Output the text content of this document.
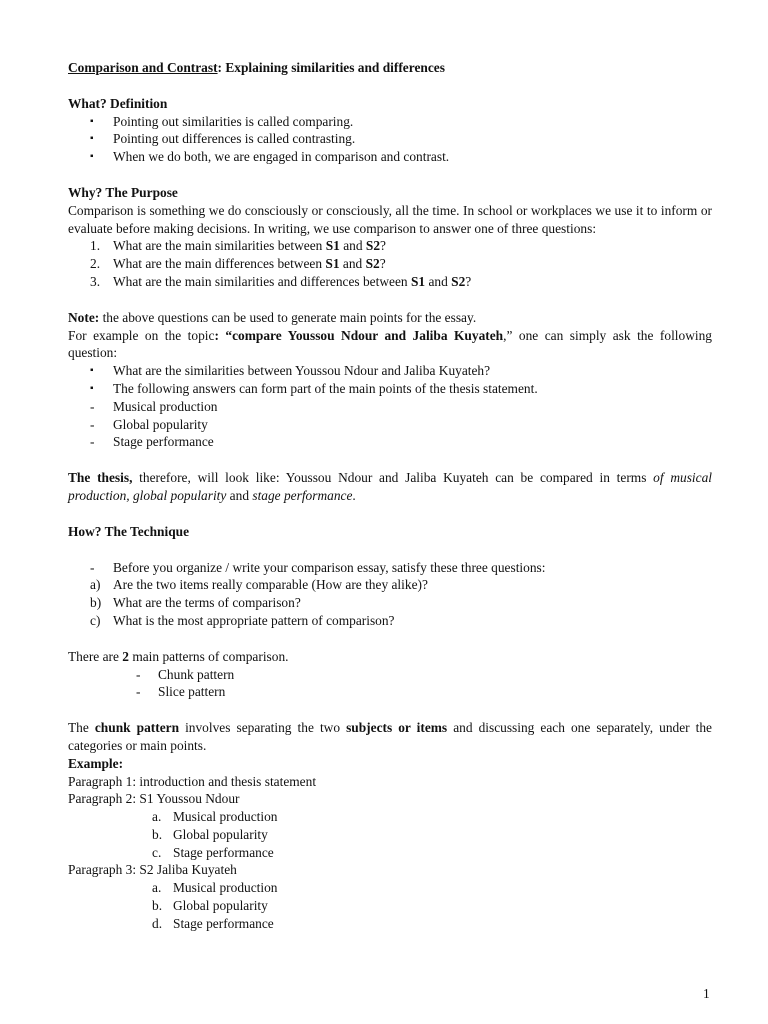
Comparison and Contrast: Explaining similarities and differences

What? Definition

▪	Pointing out similarities is called comparing.
▪	Pointing out differences is called contrasting.
▪	When we do both, we are engaged in comparison and contrast.

Why? The Purpose

Comparison is something we do consciously or consciously, all the time. In school or workplaces we use it to inform or evaluate before making decisions. In writing, we use comparison to answer one of three questions:

1. What are the main similarities between S1 and S2?
2. What are the main differences between S1 and S2?
3. What are the main similarities and differences between S1 and S2?

Note: the above questions can be used to generate main points for the essay.

For example on the topic: “compare Youssou Ndour and Jaliba Kuyateh,” one can simply ask the following question:

▪	What are the similarities between Youssou Ndour and Jaliba Kuyateh?
▪	The following answers can form part of the main points of the thesis statement.
-	Musical production
-	Global popularity
-	Stage performance

The thesis, therefore, will look like: Youssou Ndour and Jaliba Kuyateh can be compared in terms of musical production, global popularity and stage performance.

How? The Technique

-	Before you organize / write your comparison essay, satisfy these three questions:
a) Are the two items really comparable (How are they alike)?
b) What are the terms of comparison?
c) What is the most appropriate pattern of comparison?

There are 2 main patterns of comparison.

-	Chunk pattern
-	Slice pattern

The chunk pattern involves separating the two subjects or items and discussing each one separately, under the categories or main points.

Example:

Paragraph 1: introduction and thesis statement

Paragraph 2: S1 Youssou Ndour

a. Musical production
b. Global popularity
c. Stage performance

Paragraph 3: S2 Jaliba Kuyateh

a. Musical production
b. Global popularity
d. Stage performance
1
